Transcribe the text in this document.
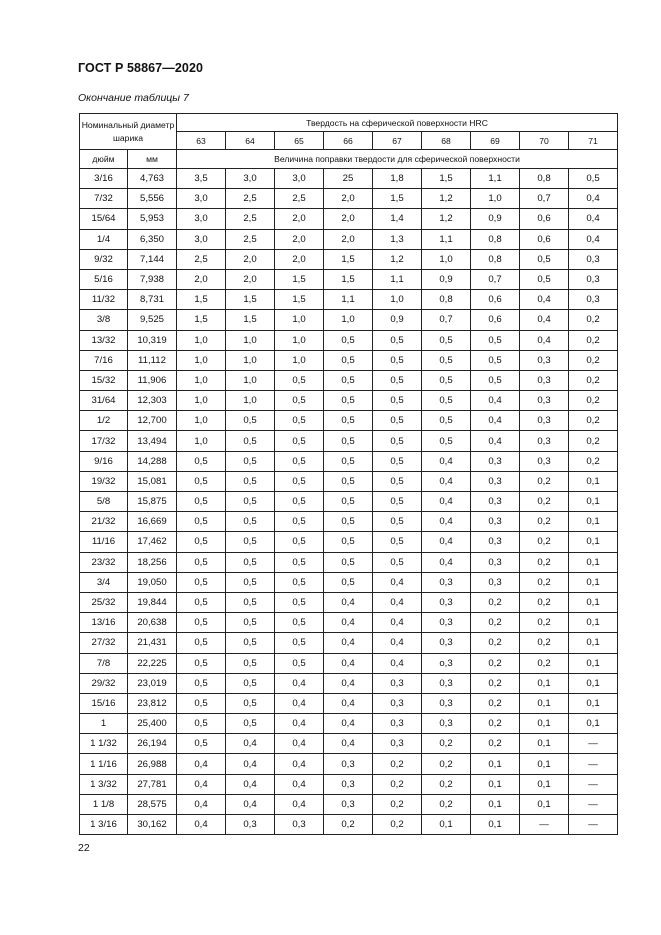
ГОСТ Р 58867—2020
Окончание таблицы 7
Номинальный диаметр шарика		Твердость на сферической поверхности HRC								
		63	64	65	66	67	68	69	70	71
дюйм	мм	Величина поправки твердости для сферической поверхности								
3/16	4,763	3,5	3,0	3,0	25	1,8	1,5	1,1	0,8	0,5
7/32	5,556	3,0	2,5	2,5	2,0	1,5	1,2	1,0	0,7	0,4
15/64	5,953	3,0	2,5	2,0	2,0	1,4	1,2	0,9	0,6	0,4
1/4	6,350	3,0	2,5	2,0	2,0	1,3	1,1	0,8	0,6	0,4
9/32	7,144	2,5	2,0	2,0	1,5	1,2	1,0	0,8	0,5	0,3
5/16	7,938	2,0	2,0	1,5	1,5	1,1	0,9	0,7	0,5	0,3
11/32	8,731	1,5	1,5	1,5	1,1	1,0	0,8	0,6	0,4	0,3
3/8	9,525	1,5	1,5	1,0	1,0	0,9	0,7	0,6	0,4	0,2
13/32	10,319	1,0	1,0	1,0	0,5	0,5	0,5	0,5	0,4	0,2
7/16	11,112	1,0	1,0	1,0	0,5	0,5	0,5	0,5	0,3	0,2
15/32	11,906	1,0	1,0	0,5	0,5	0,5	0,5	0,5	0,3	0,2
31/64	12,303	1,0	1,0	0,5	0,5	0,5	0,5	0,4	0,3	0,2
1/2	12,700	1,0	0,5	0,5	0,5	0,5	0,5	0,4	0,3	0,2
17/32	13,494	1,0	0,5	0,5	0,5	0,5	0,5	0,4	0,3	0,2
9/16	14,288	0,5	0,5	0,5	0,5	0,5	0,4	0,3	0,3	0,2
19/32	15,081	0,5	0,5	0,5	0,5	0,5	0,4	0,3	0,2	0,1
5/8	15,875	0,5	0,5	0,5	0,5	0,5	0,4	0,3	0,2	0,1
21/32	16,669	0,5	0,5	0,5	0,5	0,5	0,4	0,3	0,2	0,1
11/16	17,462	0,5	0,5	0,5	0,5	0,5	0,4	0,3	0,2	0,1
23/32	18,256	0,5	0,5	0,5	0,5	0,5	0,4	0,3	0,2	0,1
3/4	19,050	0,5	0,5	0,5	0,5	0,4	0,3	0,3	0,2	0,1
25/32	19,844	0,5	0,5	0,5	0,4	0,4	0,3	0,2	0,2	0,1
13/16	20,638	0,5	0,5	0,5	0,4	0,4	0,3	0,2	0,2	0,1
27/32	21,431	0,5	0,5	0,5	0,4	0,4	0,3	0,2	0,2	0,1
7/8	22,225	0,5	0,5	0,5	0,4	0,4	о,3	0,2	0,2	0,1
29/32	23,019	0,5	0,5	0,4	0,4	0,3	0,3	0,2	0,1	0,1
15/16	23,812	0,5	0,5	0,4	0,4	0,3	0,3	0,2	0,1	0,1
1	25,400	0,5	0,5	0,4	0,4	0,3	0,3	0,2	0,1	0,1
1 1/32	26,194	0,5	0,4	0,4	0,4	0,3	0,2	0,2	0,1	—
1 1/16	26,988	0,4	0,4	0,4	0,3	0,2	0,2	0,1	0,1	—
1 3/32	27,781	0,4	0,4	0,4	0,3	0,2	0,2	0,1	0,1	—
1 1/8	28,575	0,4	0,4	0,4	0,3	0,2	0,2	0,1	0,1	—
1 3/16	30,162	0,4	0,3	0,3	0,2	0,2	0,1	0,1	—	—
22
